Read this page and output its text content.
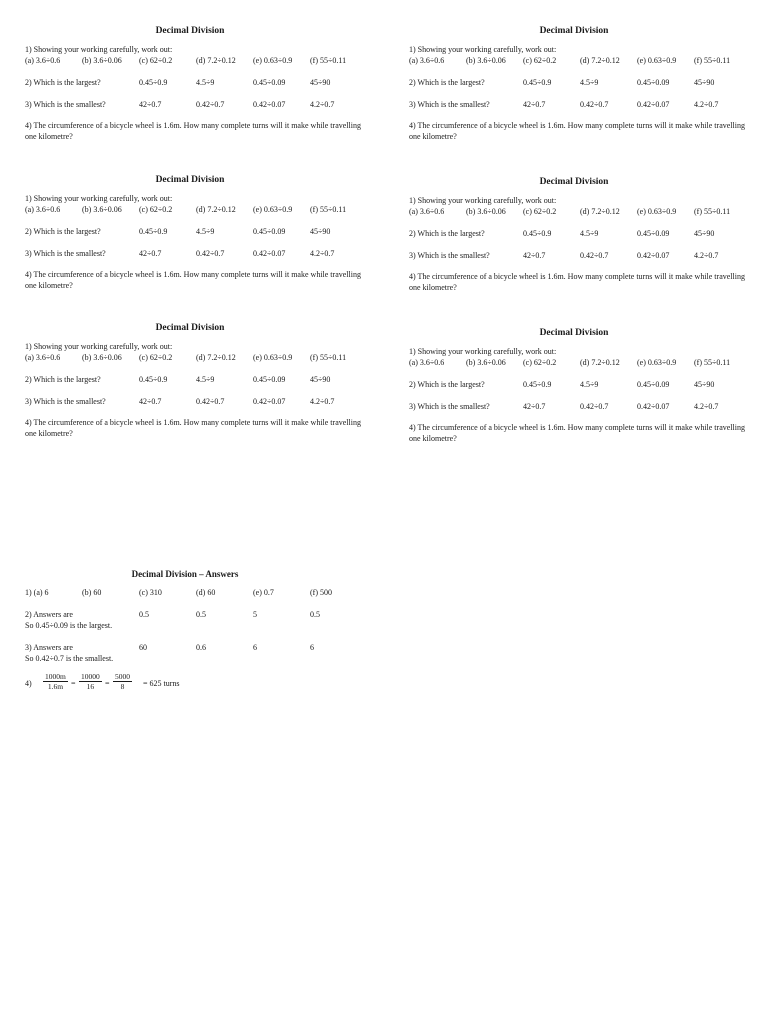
Decimal Division
1) Showing your working carefully, work out:
(a) 3.6÷0.6	(b) 3.6÷0.06 (c) 62÷0.2	(d) 7.2÷0.12 (e) 0.63÷0.9 (f) 55÷0.11
2) Which is the largest?	0.45÷0.9	4.5÷9	0.45÷0.09	45÷90
3) Which is the smallest?	42÷0.7	0.42÷0.7	0.42÷0.07	4.2÷0.7
4) The circumference of a bicycle wheel is 1.6m. How many complete turns will it make while travelling one kilometre?
Decimal Division
1) Showing your working carefully, work out:
(a) 3.6÷0.6	(b) 3.6÷0.06 (c) 62÷0.2	(d) 7.2÷0.12 (e) 0.63÷0.9 (f) 55÷0.11
2) Which is the largest?	0.45÷0.9	4.5÷9	0.45÷0.09	45÷90
3) Which is the smallest?	42÷0.7	0.42÷0.7	0.42÷0.07	4.2÷0.7
4) The circumference of a bicycle wheel is 1.6m. How many complete turns will it make while travelling one kilometre?
Decimal Division
1) Showing your working carefully, work out:
(a) 3.6÷0.6	(b) 3.6÷0.06 (c) 62÷0.2	(d) 7.2÷0.12 (e) 0.63÷0.9 (f) 55÷0.11
2) Which is the largest?	0.45÷0.9	4.5÷9	0.45÷0.09	45÷90
3) Which is the smallest?	42÷0.7	0.42÷0.7	0.42÷0.07	4.2÷0.7
4) The circumference of a bicycle wheel is 1.6m. How many complete turns will it make while travelling one kilometre?
Decimal Division
1) Showing your working carefully, work out:
(a) 3.6÷0.6	(b) 3.6÷0.06 (c) 62÷0.2	(d) 7.2÷0.12 (e) 0.63÷0.9 (f) 55÷0.11
2) Which is the largest?	0.45÷0.9	4.5÷9	0.45÷0.09	45÷90
3) Which is the smallest?	42÷0.7	0.42÷0.7	0.42÷0.07	4.2÷0.7
4) The circumference of a bicycle wheel is 1.6m. How many complete turns will it make while travelling one kilometre?
Decimal Division
1) Showing your working carefully, work out:
(a) 3.6÷0.6	(b) 3.6÷0.06 (c) 62÷0.2	(d) 7.2÷0.12 (e) 0.63÷0.9 (f) 55÷0.11
2) Which is the largest?	0.45÷0.9	4.5÷9	0.45÷0.09	45÷90
3) Which is the smallest?	42÷0.7	0.42÷0.7	0.42÷0.07	4.2÷0.7
4) The circumference of a bicycle wheel is 1.6m. How many complete turns will it make while travelling one kilometre?
Decimal Division
1) Showing your working carefully, work out:
(a) 3.6÷0.6	(b) 3.6÷0.06 (c) 62÷0.2	(d) 7.2÷0.12 (e) 0.63÷0.9 (f) 55÷0.11
2) Which is the largest?	0.45÷0.9	4.5÷9	0.45÷0.09	45÷90
3) Which is the smallest?	42÷0.7	0.42÷0.7	0.42÷0.07	4.2÷0.7
4) The circumference of a bicycle wheel is 1.6m. How many complete turns will it make while travelling one kilometre?
Decimal Division – Answers
1) (a) 6	(b) 60	(c) 310	(d) 60	(e) 0.7	(f) 500
2) Answers are	0.5	0.5	5	0.5
So 0.45÷0.09 is the largest.
3) Answers are	60	0.6	6	6
So 0.42÷0.7 is the smallest.
$4) \frac{1000m}{1.6m} = \frac{10000}{16} = \frac{5000}{8} = 625$ turns
